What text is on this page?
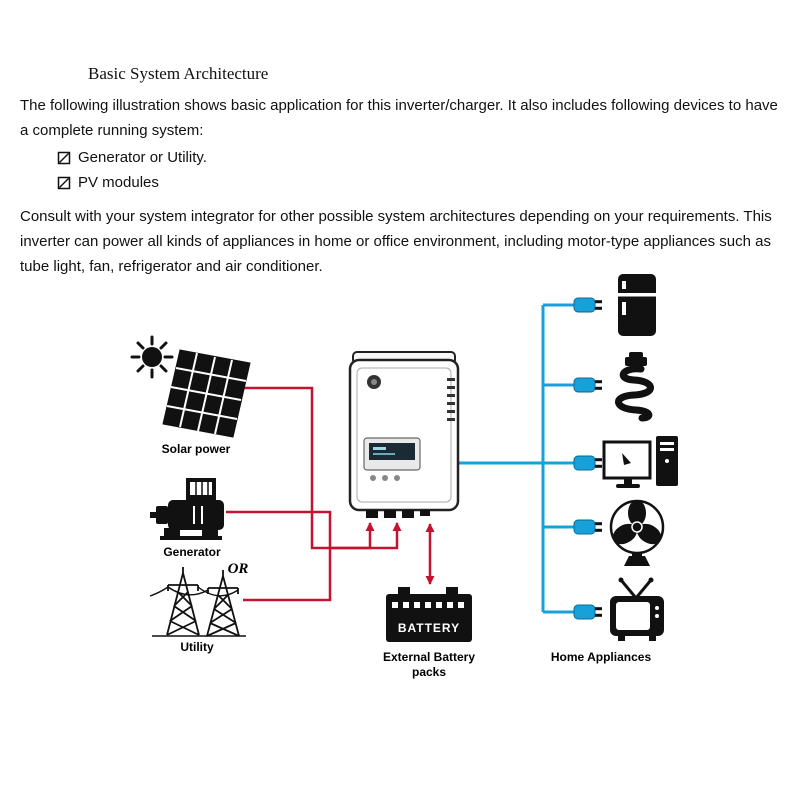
Basic System Architecture
The following illustration shows basic application for this inverter/charger. It also includes following devices to have a complete running system:
Generator or Utility.
PV modules
Consult with your system integrator for other possible system architectures depending on your requirements. This inverter can power all kinds of appliances in home or office environment, including motor-type appliances such as tube light, fan, refrigerator and air conditioner.
BATTERY
Solar power
Generator
OR
Utility
External Battery packs
Home Appliances
